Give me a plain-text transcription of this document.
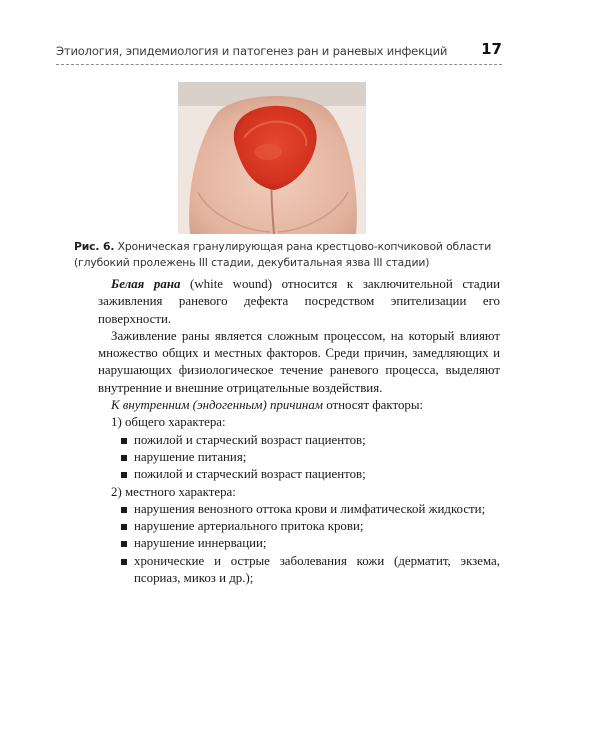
Этиология, эпидемиология и патогенез ран и раневых инфекций 17
Рис. 6. Хроническая гранулирующая рана крестцово-копчиковой области (глубокий пролежень III стадии, декубитальная язва III стадии)

Белая рана (white wound) относится к заключительной стадии заживления раневого дефекта посредством эпителизации его поверхности.

Заживление раны является сложным процессом, на который влияют множество общих и местных факторов. Среди причин, замедляющих и нарушающих физиологическое течение раневого процесса, выделяют внутренние и внешние отрицательные воздействия.

К внутренним (эндогенным) причинам относят факторы:

1) общего характера:

пожилой и старческий возраст пациентов;
нарушение питания;
пожилой и старческий возраст пациентов;

2) местного характера:

нарушения венозного оттока крови и лимфатической жидкости;
нарушение артериального притока крови;
нарушение иннервации;
хронические и острые заболевания кожи (дерматит, экзема, псориаз, микоз и др.);
